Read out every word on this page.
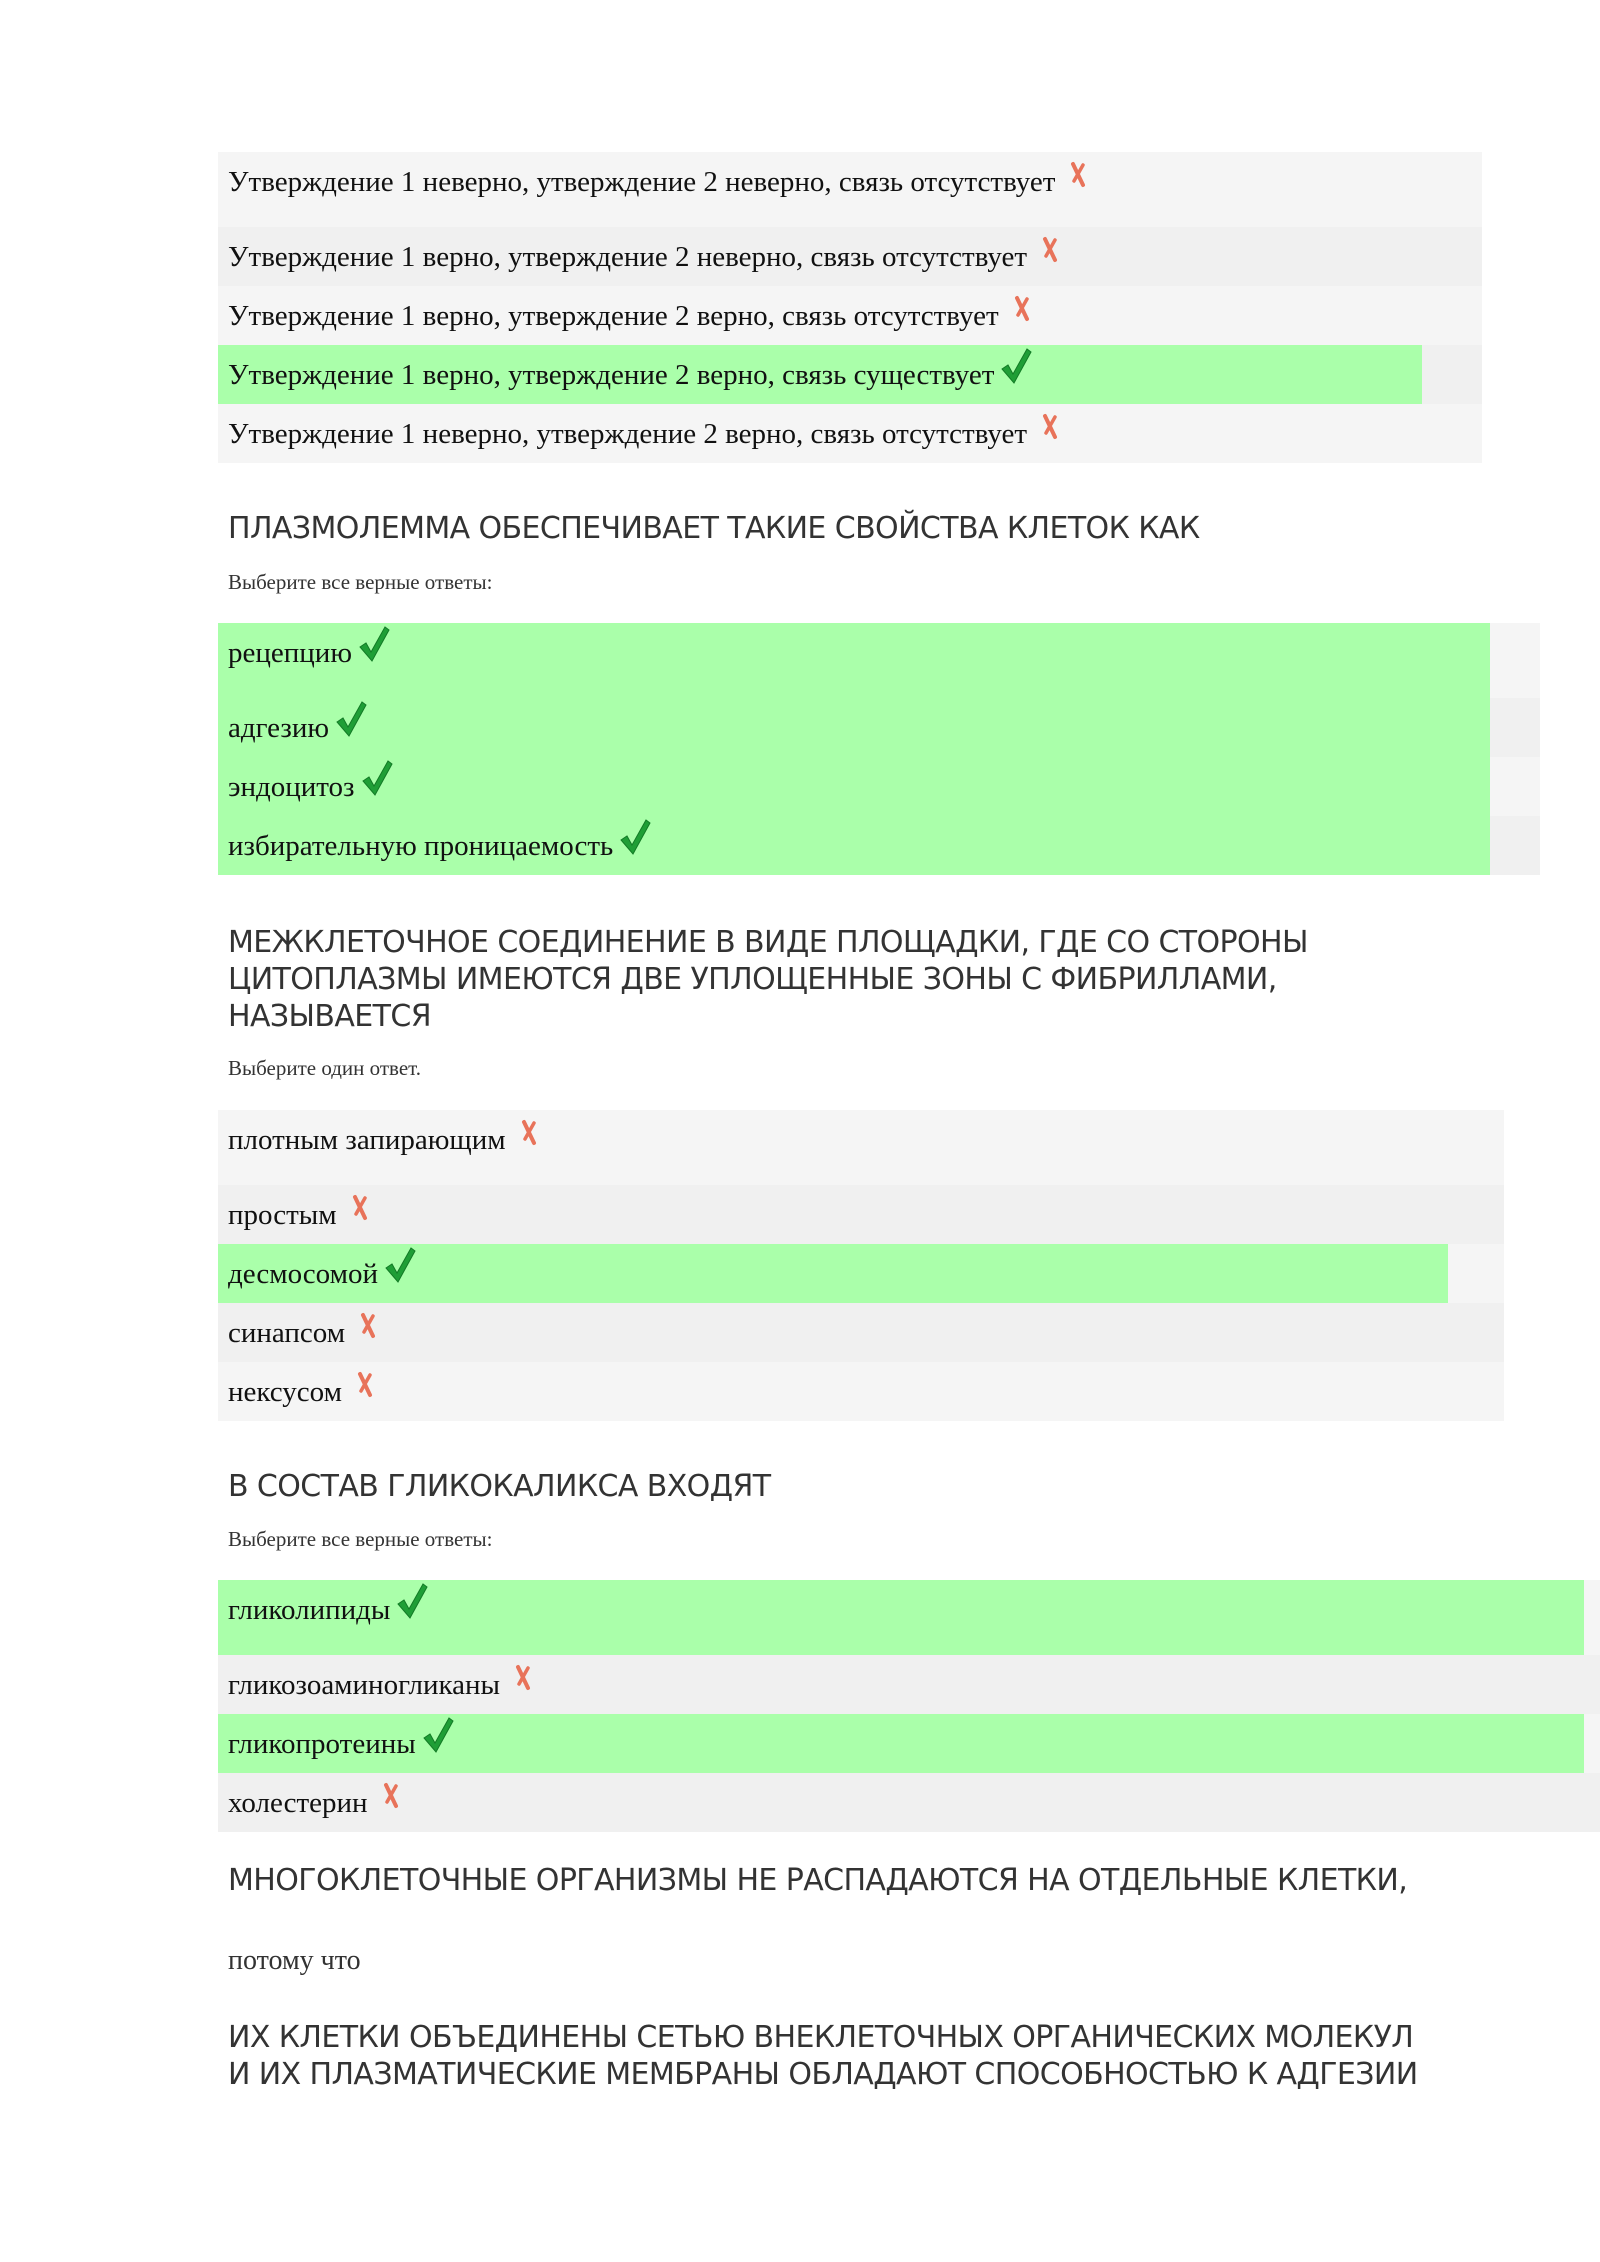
Утверждение 1 неверно, утверждение 2 неверно, связь отсутствует
Утверждение 1 верно, утверждение 2 неверно, связь отсутствует
Утверждение 1 верно, утверждение 2 верно, связь отсутствует
Утверждение 1 верно, утверждение 2 верно, связь существует
Утверждение 1 неверно, утверждение 2 верно, связь отсутствует
ПЛАЗМОЛЕММА ОБЕСПЕЧИВАЕТ ТАКИЕ СВОЙСТВА КЛЕТОК КАК
Выберите все верные ответы:
рецепцию
адгезию
эндоцитоз
избирательную проницаемость
МЕЖКЛЕТОЧНОЕ СОЕДИНЕНИЕ В ВИДЕ ПЛОЩАДКИ, ГДЕ СО СТОРОНЫ
ЦИТОПЛАЗМЫ ИМЕЮТСЯ ДВЕ УПЛОЩЕННЫЕ ЗОНЫ С ФИБРИЛЛАМИ,
НАЗЫВАЕТСЯ
Выберите один ответ.
плотным запирающим
простым
десмосомой
синапсом
нексусом
В СОСТАВ ГЛИКОКАЛИКСА ВХОДЯТ
Выберите все верные ответы:
гликолипиды
гликозоаминогликаны
гликопротеины
холестерин
МНОГОКЛЕТОЧНЫЕ ОРГАНИЗМЫ НЕ РАСПАДАЮТСЯ НА ОТДЕЛЬНЫЕ КЛЕТКИ,
потому что
ИХ КЛЕТКИ ОБЪЕДИНЕНЫ СЕТЬЮ ВНЕКЛЕТОЧНЫХ ОРГАНИЧЕСКИХ МОЛЕКУЛ
И ИХ ПЛАЗМАТИЧЕСКИЕ МЕМБРАНЫ ОБЛАДАЮТ СПОСОБНОСТЬЮ К АДГЕЗИИ
